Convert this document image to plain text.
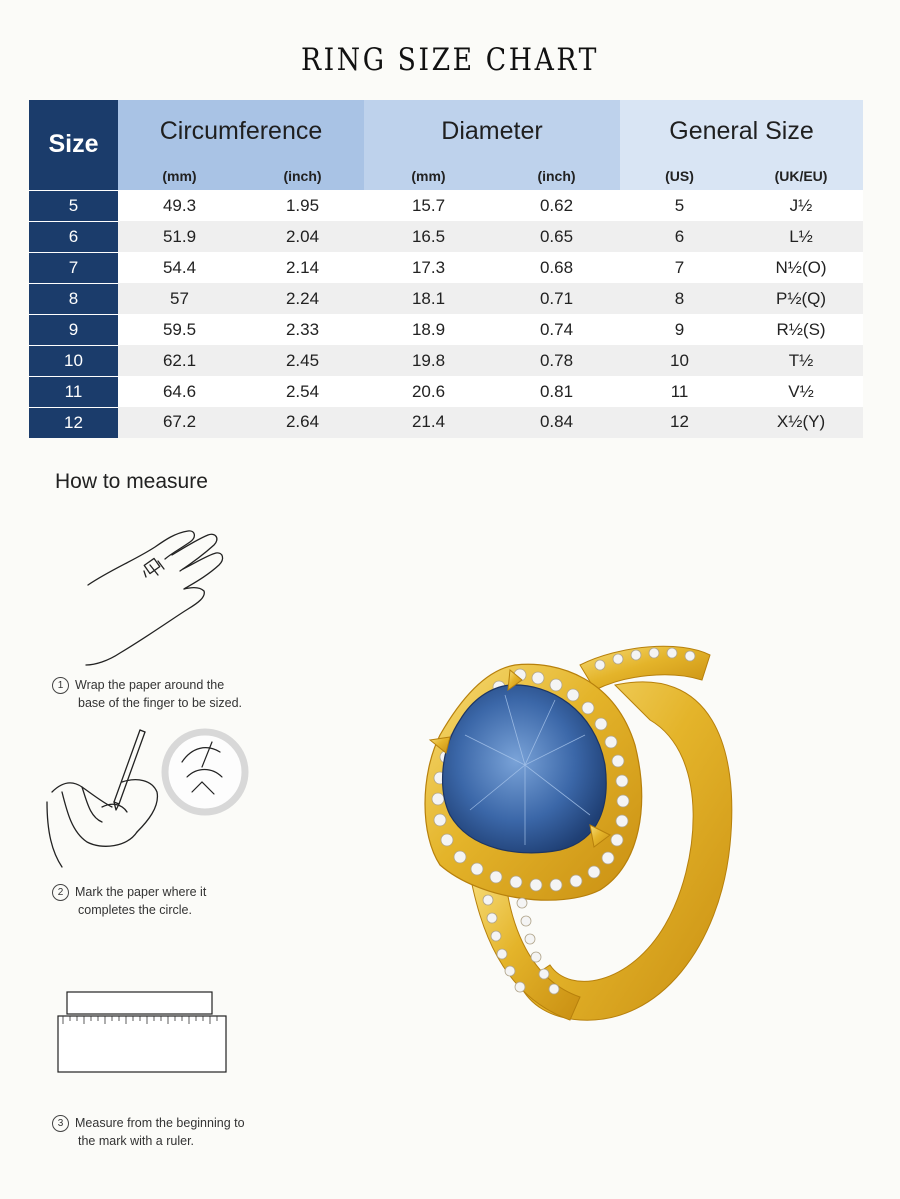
RING SIZE CHART
Size	Circumference		Diameter		General Size	
	(mm)	(inch)	(mm)	(inch)	(US)	(UK/EU)
5	49.3	1.95	15.7	0.62	5	J½
6	51.9	2.04	16.5	0.65	6	L½
7	54.4	2.14	17.3	0.68	7	N½(O)
8	57	2.24	18.1	0.71	8	P½(Q)
9	59.5	2.33	18.9	0.74	9	R½(S)
10	62.1	2.45	19.8	0.78	10	T½
11	64.6	2.54	20.6	0.81	11	V½
12	67.2	2.64	21.4	0.84	12	X½(Y)
How to measure
1 Wrap the paper around the
base of the finger to be sized.
2 Mark the paper where it
completes the circle.
3 Measure from the beginning to
the mark with a ruler.
